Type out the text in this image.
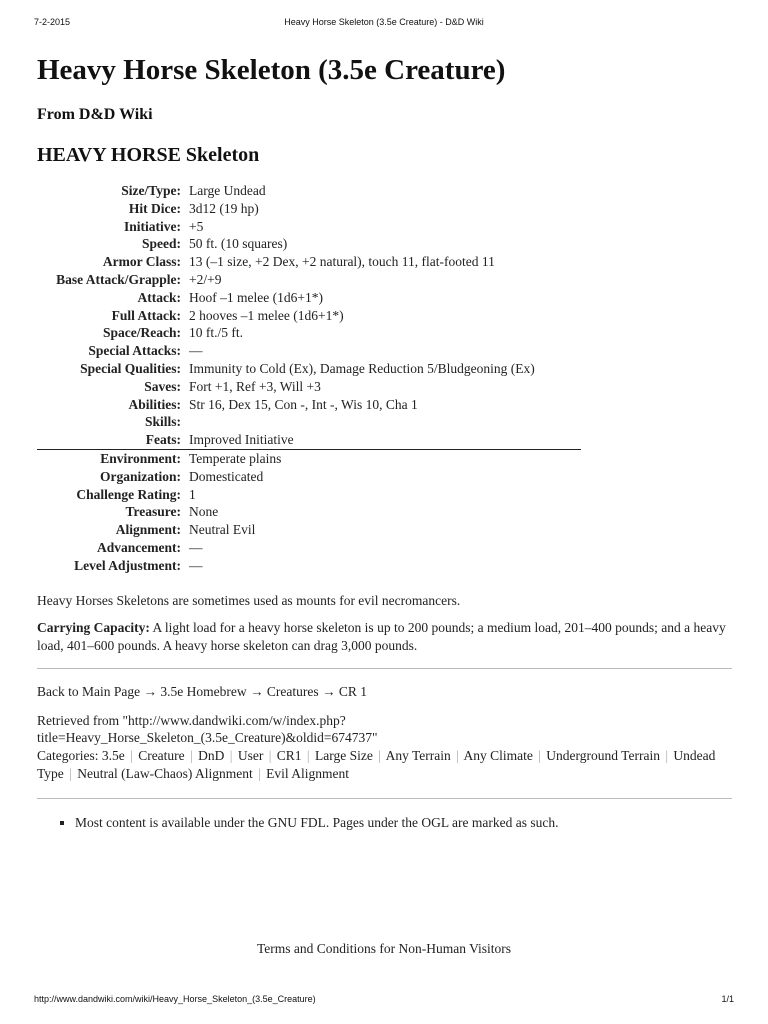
7-2-2015	Heavy Horse Skeleton (3.5e Creature) - D&D Wiki
Heavy Horse Skeleton (3.5e Creature)
From D&D Wiki
HEAVY HORSE Skeleton
Size/Type:	Large Undead
Hit Dice:	3d12 (19 hp)
Initiative:	+5
Speed:	50 ft. (10 squares)
Armor Class:	13 (–1 size, +2 Dex, +2 natural), touch 11, flat-footed 11
Base Attack/Grapple:	+2/+9
Attack:	Hoof –1 melee (1d6+1*)
Full Attack:	2 hooves –1 melee (1d6+1*)
Space/Reach:	10 ft./5 ft.
Special Attacks:	—
Special Qualities:	Immunity to Cold (Ex), Damage Reduction 5/Bludgeoning (Ex)
Saves:	Fort +1, Ref +3, Will +3
Abilities:	Str 16, Dex 15, Con -, Int -, Wis 10, Cha 1
Skills:	
Feats:	Improved Initiative
Environment:	Temperate plains
Organization:	Domesticated
Challenge Rating:	1
Treasure:	None
Alignment:	Neutral Evil
Advancement:	—
Level Adjustment:	—

Heavy Horses Skeletons are sometimes used as mounts for evil necromancers.

Carrying Capacity: A light load for a heavy horse skeleton is up to 200 pounds; a medium load, 201–400 pounds; and a heavy load, 401–600 pounds. A heavy horse skeleton can drag 3,000 pounds.

Back to Main Page → 3.5e Homebrew → Creatures → CR 1

Retrieved from "http://www.dandwiki.com/w/index.php?
title=Heavy_Horse_Skeleton_(3.5e_Creature)&oldid=674737"

Categories: 3.5e | Creature | DnD | User | CR1 | Large Size | Any Terrain | Any Climate | Underground Terrain | Undead Type | Neutral (Law-Chaos) Alignment | Evil Alignment
▪ Most content is available under the GNU FDL. Pages under the OGL are marked as such.
Terms and Conditions for Non-Human Visitors
http://www.dandwiki.com/wiki/Heavy_Horse_Skeleton_(3.5e_Creature)	1/1
